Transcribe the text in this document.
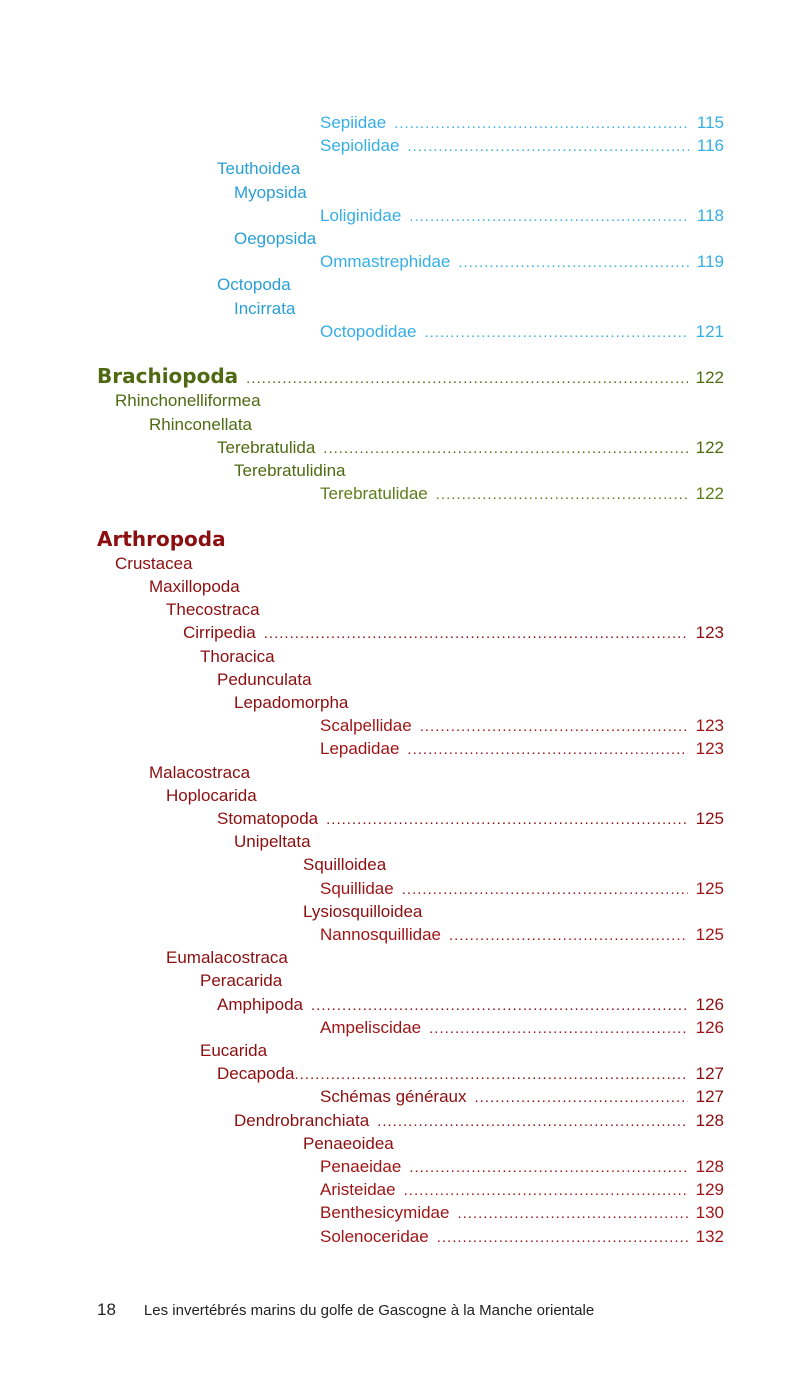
Sepiidae .....	115
Sepiolidae .....	116
Teuthoidea
Myopsida
Loliginidae .....	118
Oegopsida
Ommastrephidae .....	119
Octopoda
Incirrata
Octopodidae .....	121
Brachiopoda .....	122
Rhinchonelliformea
Rhinconellata
Terebratulida .....	122
Terebratulidina
Terebratulidae .....	122
Arthropoda
Crustacea
Maxillopoda
Thecostraca
Cirripedia .....	123
Thoracica
Pedunculata
Lepadomorpha
Scalpellidae .....	123
Lepadidae .....	123
Malacostraca
Hoplocarida
Stomatopoda .....	125
Unipeltata
Squilloidea
Squillidae .....	125
Lysiosquilloidea
Nannosquillidae .....	125
Eumalacostraca
Peracarida
Amphipoda .....	126
Ampeliscidae .....	126
Eucarida
Decapoda .....	127
Schémas généraux .....	127
Dendrobranchiata .....	128
Penaeoidea
Penaeidae .....	128
Aristeidae .....	129
Benthesicymidae .....	130
Solenoceridae .....	132
18 Les invertébrés marins du golfe de Gascogne à la Manche orientale
